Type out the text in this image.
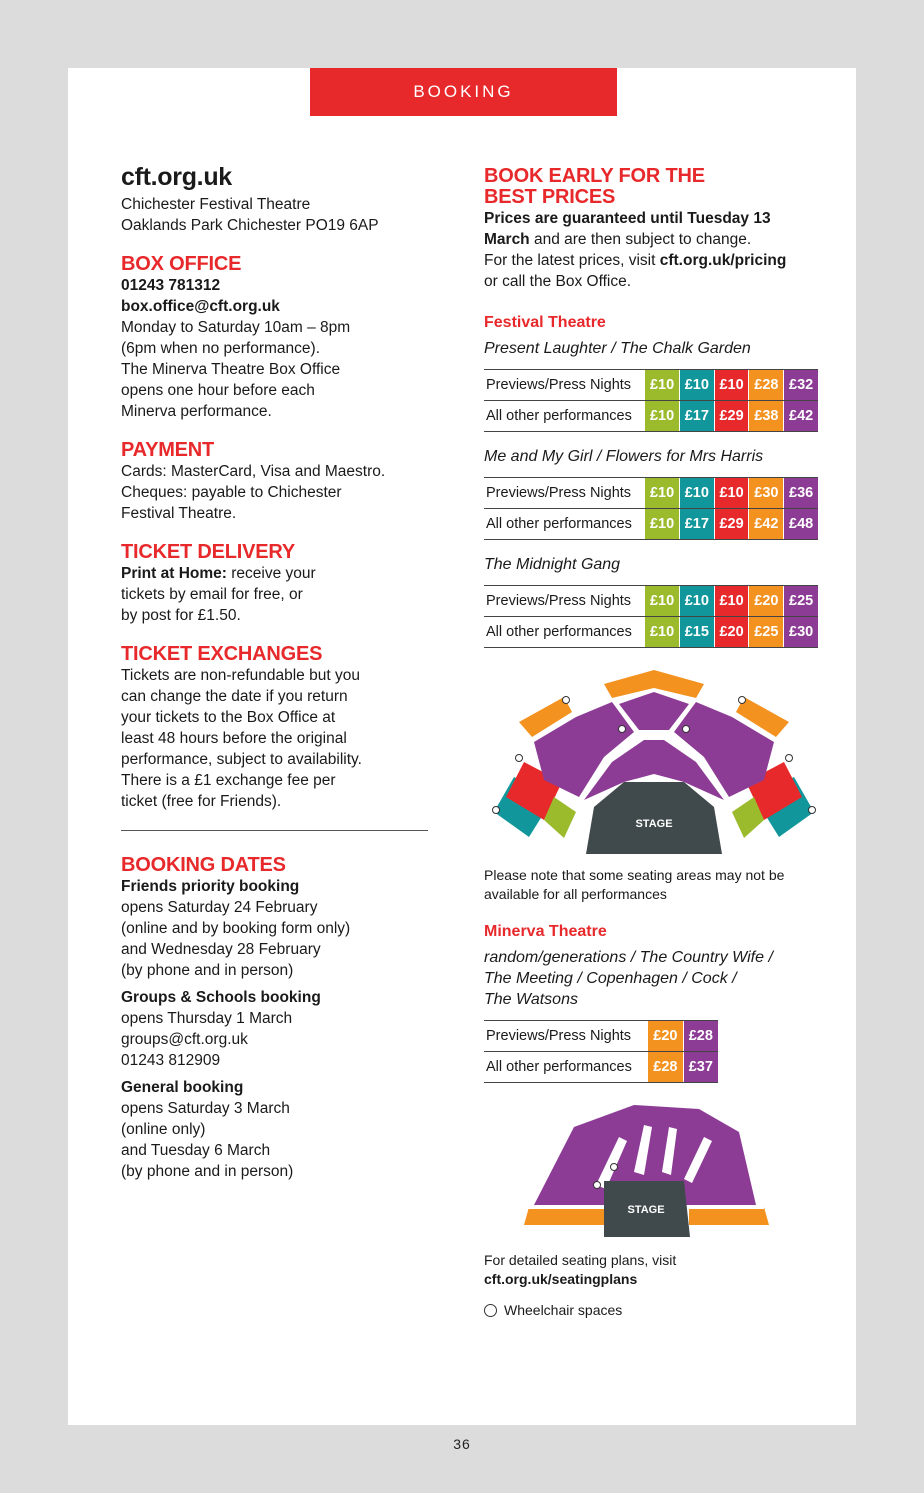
BOOKING
cft.org.uk

Chichester Festival Theatre

Oaklands Park Chichester PO19 6AP

BOX OFFICE

01243 781312

box.office@cft.org.uk

Monday to Saturday 10am – 8pm

(6pm when no performance).

The Minerva Theatre Box Office

opens one hour before each

Minerva performance.

PAYMENT

Cards: MasterCard, Visa and Maestro.

Cheques: payable to Chichester

Festival Theatre.

TICKET DELIVERY

Print at Home: receive your

tickets by email for free, or

by post for £1.50.

TICKET EXCHANGES

Tickets are non-refundable but you

can change the date if you return

your tickets to the Box Office at

least 48 hours before the original

performance, subject to availability.

There is a £1 exchange fee per

ticket (free for Friends).

BOOKING DATES

Friends priority booking

opens Saturday 24 February

(online and by booking form only)

and Wednesday 28 February

(by phone and in person)

Groups & Schools booking

opens Thursday 1 March

groups@cft.org.uk

01243 812909

General booking

opens Saturday 3 March

(online only)

and Tuesday 6 March

(by phone and in person)

BOOK EARLY FOR THE
BEST PRICES

Prices are guaranteed until Tuesday 13

March and are then subject to change.

For the latest prices, visit cft.org.uk/pricing

or call the Box Office.

Festival Theatre
Present Laughter / The Chalk Garden
Previews/Press Nights	£10	£10	£10	£28	£32
All other performances	£10	£17	£29	£38	£42
Me and My Girl / Flowers for Mrs Harris
Previews/Press Nights	£10	£10	£10	£30	£36
All other performances	£10	£17	£29	£42	£48
The Midnight Gang
Previews/Press Nights	£10	£10	£10	£20	£25
All other performances	£10	£15	£20	£25	£30
STAGE
Please note that some seating areas may not be
available for all performances
Minerva Theatre
random/generations / The Country Wife /
The Meeting / Copenhagen / Cock /
The Watsons
Previews/Press Nights	£20	£28
All other performances	£28	£37
STAGE
For detailed seating plans, visit
cft.org.uk/seatingplans
Wheelchair spaces
36
